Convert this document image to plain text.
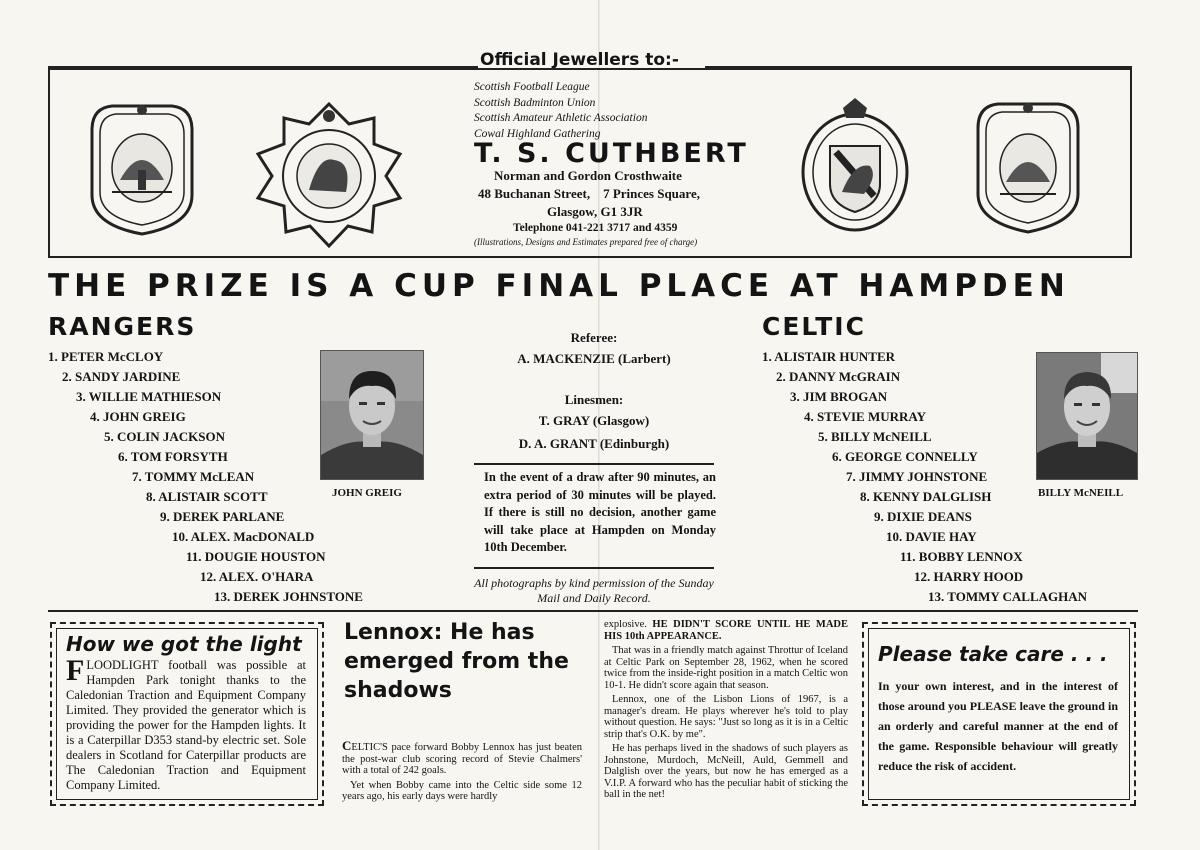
Official Jewellers to:-
Scottish Football League
Scottish Badminton Union
Scottish Amateur Athletic Association
Cowal Highland Gathering
T. S. CUTHBERT
Norman and Gordon Crosthwaite
48 Buchanan Street,    7 Princes Square,
Glasgow, G1 3JR
Telephone 041-221 3717 and 4359
(Illustrations, Designs and Estimates prepared free of charge)
THE PRIZE IS A CUP FINAL PLACE AT HAMPDEN
RANGERS
1. PETER McCLOY
2. SANDY JARDINE
3. WILLIE MATHIESON
4. JOHN GREIG
5. COLIN JACKSON
6. TOM FORSYTH
7. TOMMY McLEAN
8. ALISTAIR SCOTT
9. DEREK PARLANE
10. ALEX. MacDONALD
11. DOUGIE HOUSTON
12. ALEX. O'HARA
13. DEREK JOHNSTONE
JOHN GREIG
Referee:
A. MACKENZIE (Larbert)
Linesmen:
T. GRAY (Glasgow)
D. A. GRANT (Edinburgh)
In the event of a draw after 90 minutes, an extra period of 30 minutes will be played. If there is still no decision, another game will take place at Hampden on Monday 10th December.
All photographs by kind permission of the Sunday Mail and Daily Record.
CELTIC
1. ALISTAIR HUNTER
2. DANNY McGRAIN
3. JIM BROGAN
4. STEVIE MURRAY
5. BILLY McNEILL
6. GEORGE CONNELLY
7. JIMMY JOHNSTONE
8. KENNY DALGLISH
9. DIXIE DEANS
10. DAVIE HAY
11. BOBBY LENNOX
12. HARRY HOOD
13. TOMMY CALLAGHAN
BILLY McNEILL
How we got the light
FLOODLIGHT football was possible at Hampden Park tonight thanks to the Caledonian Traction and Equipment Company Limited. They provided the generator which is providing the power for the Hampden lights. It is a Caterpillar D353 stand-by electric set. Sole dealers in Scotland for Caterpillar products are The Caledonian Traction and Equipment Company Limited.
Lennox: He has emerged from the shadows

CELTIC'S pace forward Bobby Lennox has just beaten the post-war club scoring record of Stevie Chalmers' with a total of 242 goals.

Yet when Bobby came into the Celtic side some 12 years ago, his early days were hardly

explosive. HE DIDN'T SCORE UNTIL HE MADE HIS 10th APPEARANCE.

That was in a friendly match against Throttur of Iceland at Celtic Park on September 28, 1962, when he scored twice from the inside-right position in a match Celtic won 10-1. He didn't score again that season.

Lennox, one of the Lisbon Lions of 1967, is a manager's dream. He plays wherever he's told to play without question. He says: "Just so long as it is in a Celtic strip that's O.K. by me".

He has perhaps lived in the shadows of such players as Johnstone, Murdoch, McNeill, Auld, Gemmell and Dalglish over the years, but now he has emerged as a V.I.P. A forward who has the peculiar habit of sticking the ball in the net!

Please take care . . .
In your own interest, and in the interest of those around you PLEASE leave the ground in an orderly and careful manner at the end of the game. Responsible behaviour will greatly reduce the risk of accident.
